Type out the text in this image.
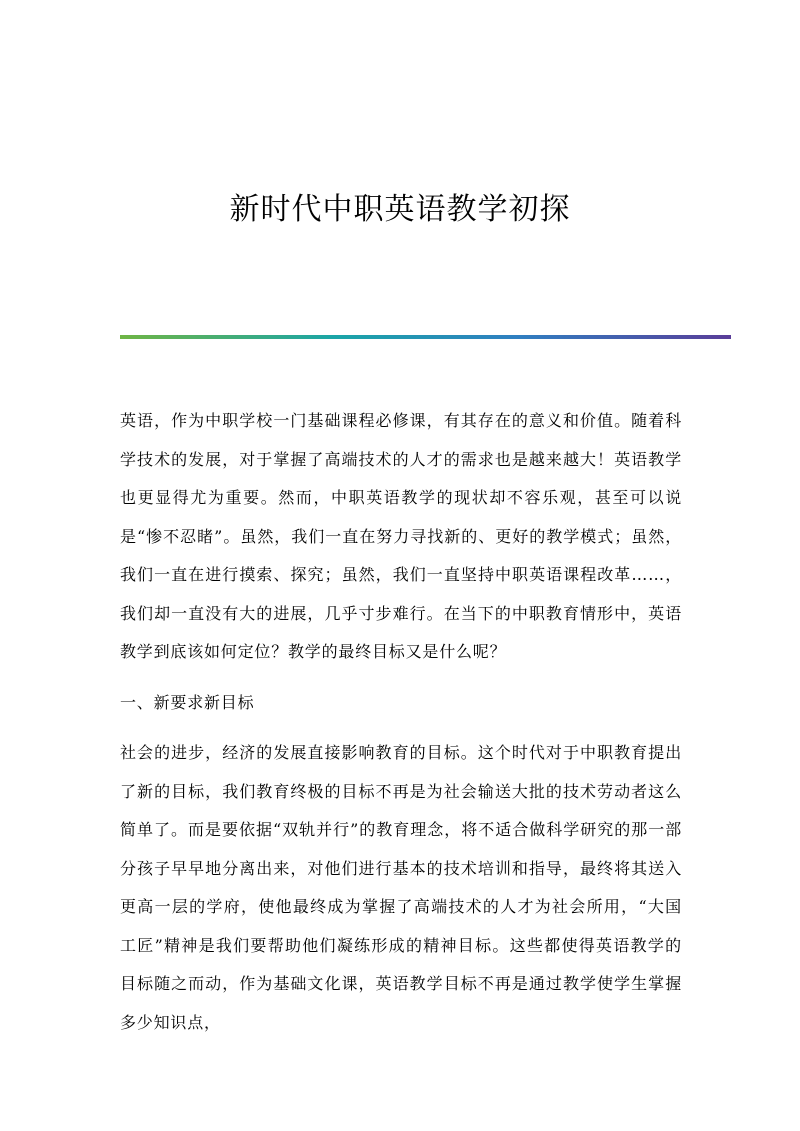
新时代中职英语教学初探

英语，作为中职学校一门基础课程必修课，有其存在的意义和价值。随着科学技术的发展，对于掌握了高端技术的人才的需求也是越来越大！英语教学也更显得尤为重要。然而，中职英语教学的现状却不容乐观，甚至可以说是“惨不忍睹”。虽然，我们一直在努力寻找新的、更好的教学模式；虽然，我们一直在进行摸索、探究；虽然，我们一直坚持中职英语课程改革……，我们却一直没有大的进展，几乎寸步难行。在当下的中职教育情形中，英语教学到底该如何定位？教学的最终目标又是什么呢？

一、新要求新目标

社会的进步，经济的发展直接影响教育的目标。这个时代对于中职教育提出了新的目标，我们教育终极的目标不再是为社会输送大批的技术劳动者这么简单了。而是要依据“双轨并行”的教育理念，将不适合做科学研究的那一部分孩子早早地分离出来，对他们进行基本的技术培训和指导，最终将其送入更高一层的学府，使他最终成为掌握了高端技术的人才为社会所用，“大国工匠”精神是我们要帮助他们凝练形成的精神目标。这些都使得英语教学的目标随之而动，作为基础文化课，英语教学目标不再是通过教学使学生掌握多少知识点，
